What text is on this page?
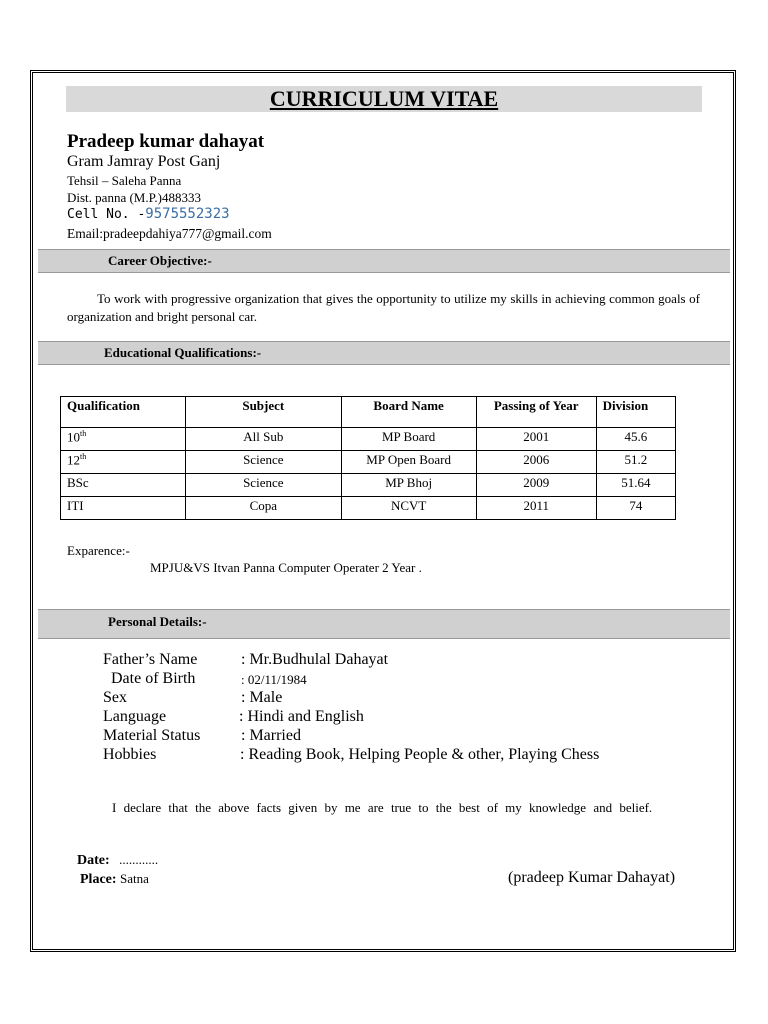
CURRICULUM VITAE
Pradeep kumar dahayat
Gram Jamray Post Ganj
Tehsil – Saleha Panna
Dist. panna (M.P.)488333
Cell No. -9575552323
Email:pradeepdahiya777@gmail.com
Career Objective:-
To work with progressive organization that gives the opportunity to utilize my skills in achieving common goals of organization and bright personal car.
Educational Qualifications:-
Qualification	Subject	Board Name	Passing of Year	Division
10th	All Sub	MP Board	2001	45.6
12th	Science	MP Open Board	2006	51.2
BSc	Science	MP Bhoj	2009	51.64
ITI	Copa	NCVT	2011	74
Exparence:-
MPJU&VS Itvan Panna Computer Operater 2 Year .
Personal Details:-
Father’s Name	: Mr.Budhulal Dahayat
Date of Birth	: 02/11/1984
Sex	: Male
Language	: Hindi and English
Material Status	: Married
Hobbies	: Reading Book, Helping People & other, Playing Chess
I declare that the above facts given by me are true to the best of my knowledge and belief.
Date: ............
Place: Satna	(pradeep Kumar Dahayat)
